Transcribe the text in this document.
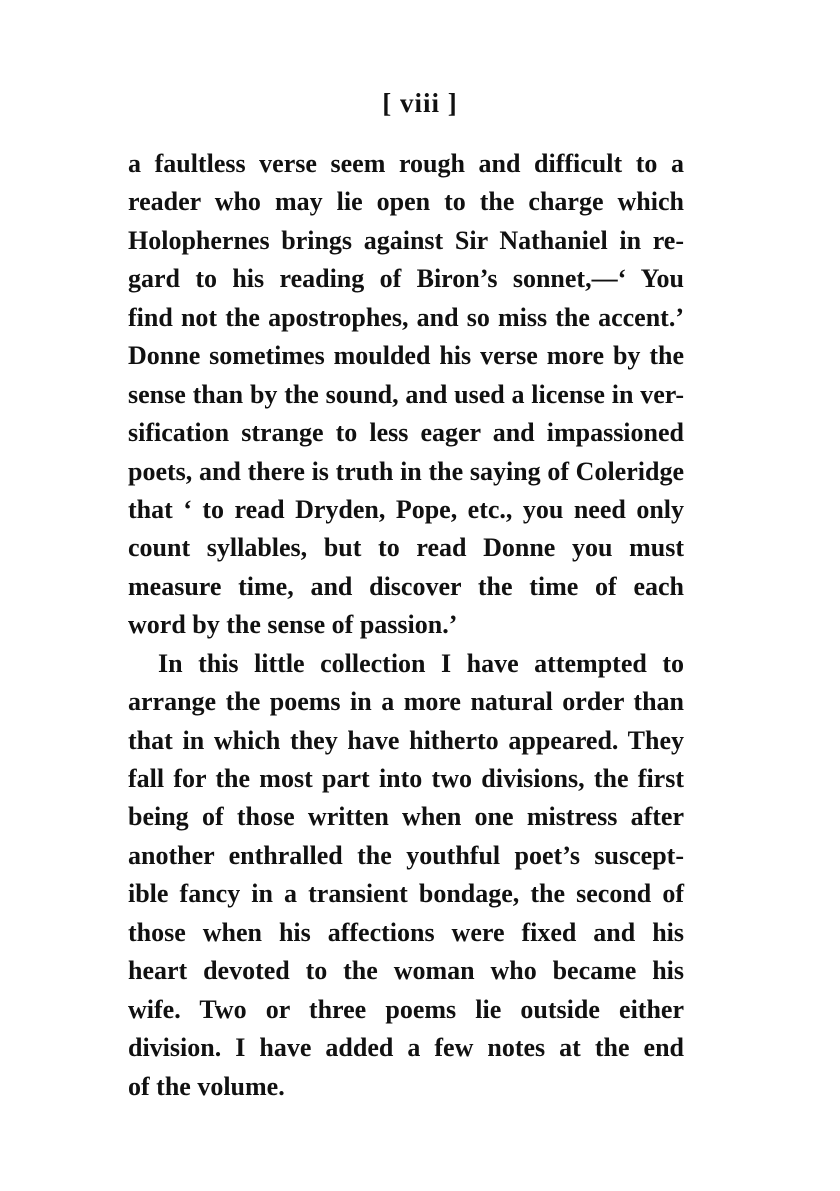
[ viii ]
a faultless verse seem rough and difficult to a
reader who may lie open to the charge which
Holophernes brings against Sir Nathaniel in re-
gard to his reading of Biron’s sonnet,—‘ You
find not the apostrophes, and so miss the accent.’
Donne sometimes moulded his verse more by the
sense than by the sound, and used a license in ver-
sification strange to less eager and impassioned
poets, and there is truth in the saying of Coleridge
that ‘ to read Dryden, Pope, etc., you need only
count syllables, but to read Donne you must
measure time, and discover the time of each
word by the sense of passion.’
In this little collection I have attempted to
arrange the poems in a more natural order than
that in which they have hitherto appeared. They
fall for the most part into two divisions, the first
being of those written when one mistress after
another enthralled the youthful poet’s suscept-
ible fancy in a transient bondage, the second of
those when his affections were fixed and his
heart devoted to the woman who became his
wife. Two or three poems lie outside either
division. I have added a few notes at the end
of the volume.
